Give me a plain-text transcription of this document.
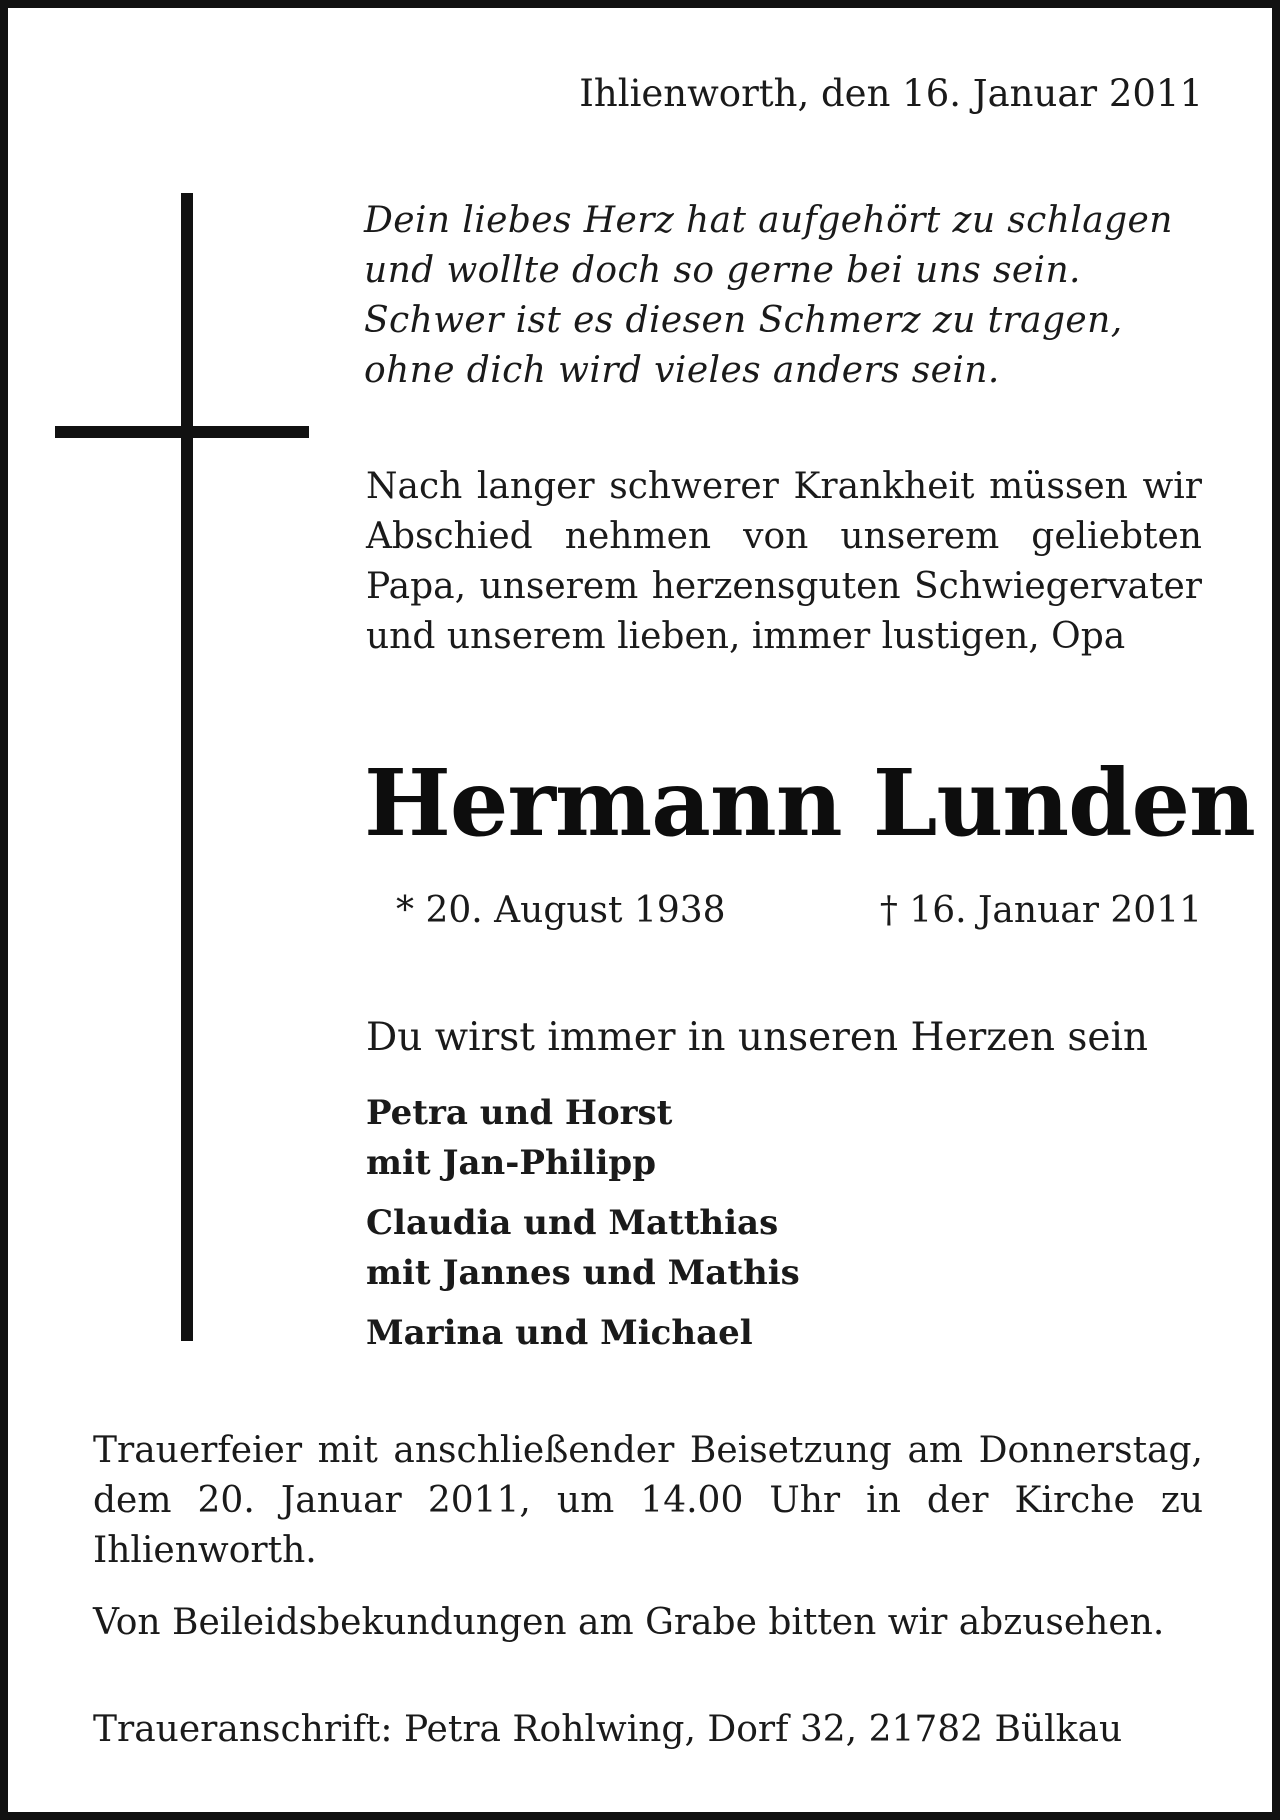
Ihlienworth, den 16. Januar 2011
Dein liebes Herz hat aufgehört zu schlagen
und wollte doch so gerne bei uns sein.
Schwer ist es diesen Schmerz zu tragen,
ohne dich wird vieles anders sein.
Nach langer schwerer Krankheit müssen wir Abschied nehmen von unserem geliebten Papa, unserem herzensguten Schwiegervater und unserem lieben, immer lustigen, Opa
Hermann Lunden
* 20. August 1938	† 16. Januar 2011
Du wirst immer in unseren Herzen sein
Petra und Horst
mit Jan-Philipp
Claudia und Matthias
mit Jannes und Mathis
Marina und Michael
Trauerfeier mit anschließender Beisetzung am Donnerstag, dem 20. Januar 2011, um 14.00 Uhr in der Kirche zu Ihlienworth.
Von Beileidsbekundungen am Grabe bitten wir abzusehen.
Traueranschrift: Petra Rohlwing, Dorf 32, 21782 Bülkau
